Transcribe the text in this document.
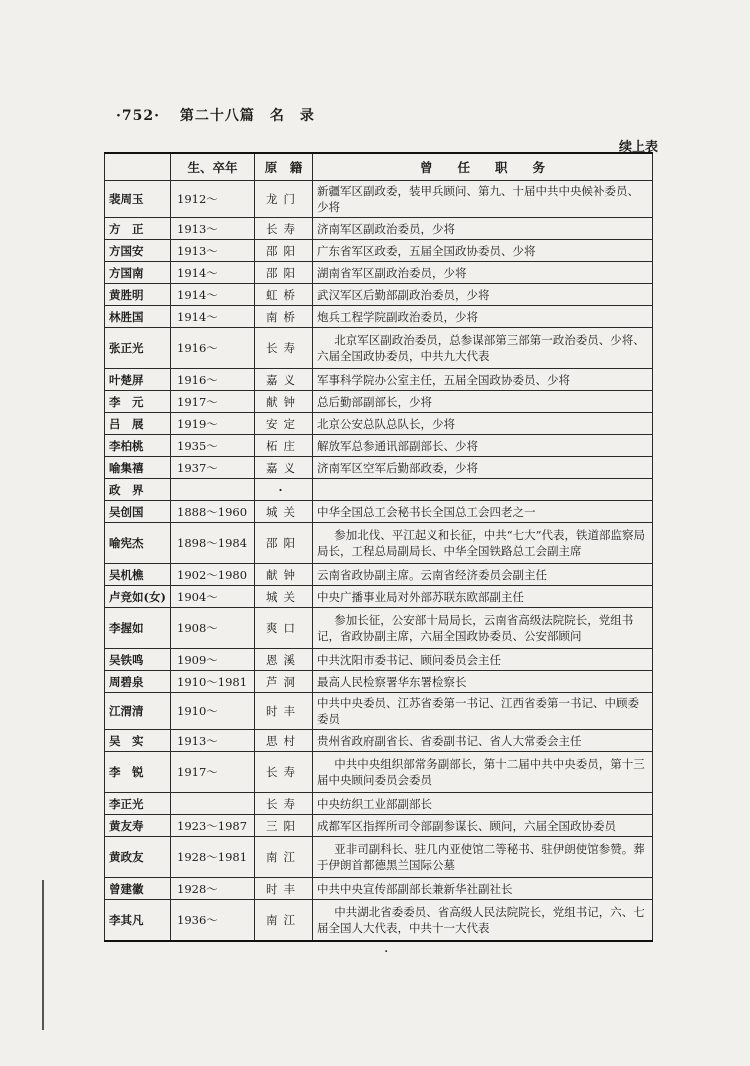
·752· 第二十八篇　名　录
续上表
	生、卒年	原　籍	曾　　任　　职　　务
裴周玉	1912～	龙门	新疆军区副政委，装甲兵顾问、第九、十届中共中央候补委员、少将
方　正	1913～	长寿	济南军区副政治委员，少将
方国安	1913～	邵阳	广东省军区政委，五届全国政协委员、少将
方国南	1914～	邵阳	湖南省军区副政治委员，少将
黄胜明	1914～	虹桥	武汉军区后勤部副政治委员，少将
林胜国	1914～	南桥	炮兵工程学院副政治委员，少将
张正光	1916～	长寿	北京军区副政治委员，总参谋部第三部第一政治委员、少将、六届全国政协委员，中共九大代表
叶楚屏	1916～	嘉义	军事科学院办公室主任，五届全国政协委员、少将
李　元	1917～	献钟	总后勤部副部长，少将
吕　展	1919～	安定	北京公安总队总队长，少将
李柏桃	1935～	柘庄	解放军总参通讯部副部长、少将
喻集禧	1937～	嘉义	济南军区空军后勤部政委，少将
政　界		·	
吴创国	1888～1960	城关	中华全国总工会秘书长全国总工会四老之一
喻宪杰	1898～1984	邵阳	参加北伐、平江起义和长征，中共“七大”代表，铁道部监察局局长，工程总局副局长、中华全国铁路总工会副主席
吴机樵	1902～1980	献钟	云南省政协副主席。云南省经济委员会副主任
卢竞如(女)	1904～	城关	中央广播事业局对外部苏联东欧部副主任
李握如	1908～	爽口	参加长征，公安部十局局长，云南省高级法院院长，党组书记，省政协副主席，六届全国政协委员、公安部顾问
吴铁鸣	1909～	恩溪	中共沈阳市委书记、顾问委员会主任
周碧泉	1910～1981	芦洞	最高人民检察署华东署检察长
江渭清	1910～	时丰	中共中央委员、江苏省委第一书记、江西省委第一书记、中顾委委员
吴　实	1913～	思村	贵州省政府副省长、省委副书记、省人大常委会主任
李　锐	1917～	长寿	中共中央组织部常务副部长，第十二届中共中央委员，第十三届中央顾问委员会委员
李正光		长寿	中央纺织工业部副部长
黄友寿	1923～1987	三阳	成都军区指挥所司令部副参谋长、顾问，六届全国政协委员
黄政友	1928～1981	南江	亚非司副科长、驻几内亚使馆二等秘书、驻伊朗使馆参赞。葬于伊朗首都德黑兰国际公墓
曾建徽	1928～	时丰	中共中央宣传部副部长兼新华社副社长
李其凡	1936～	南江	中共湖北省委委员、省高级人民法院院长，党组书记，六、七届全国人大代表，中共十一大代表
·
